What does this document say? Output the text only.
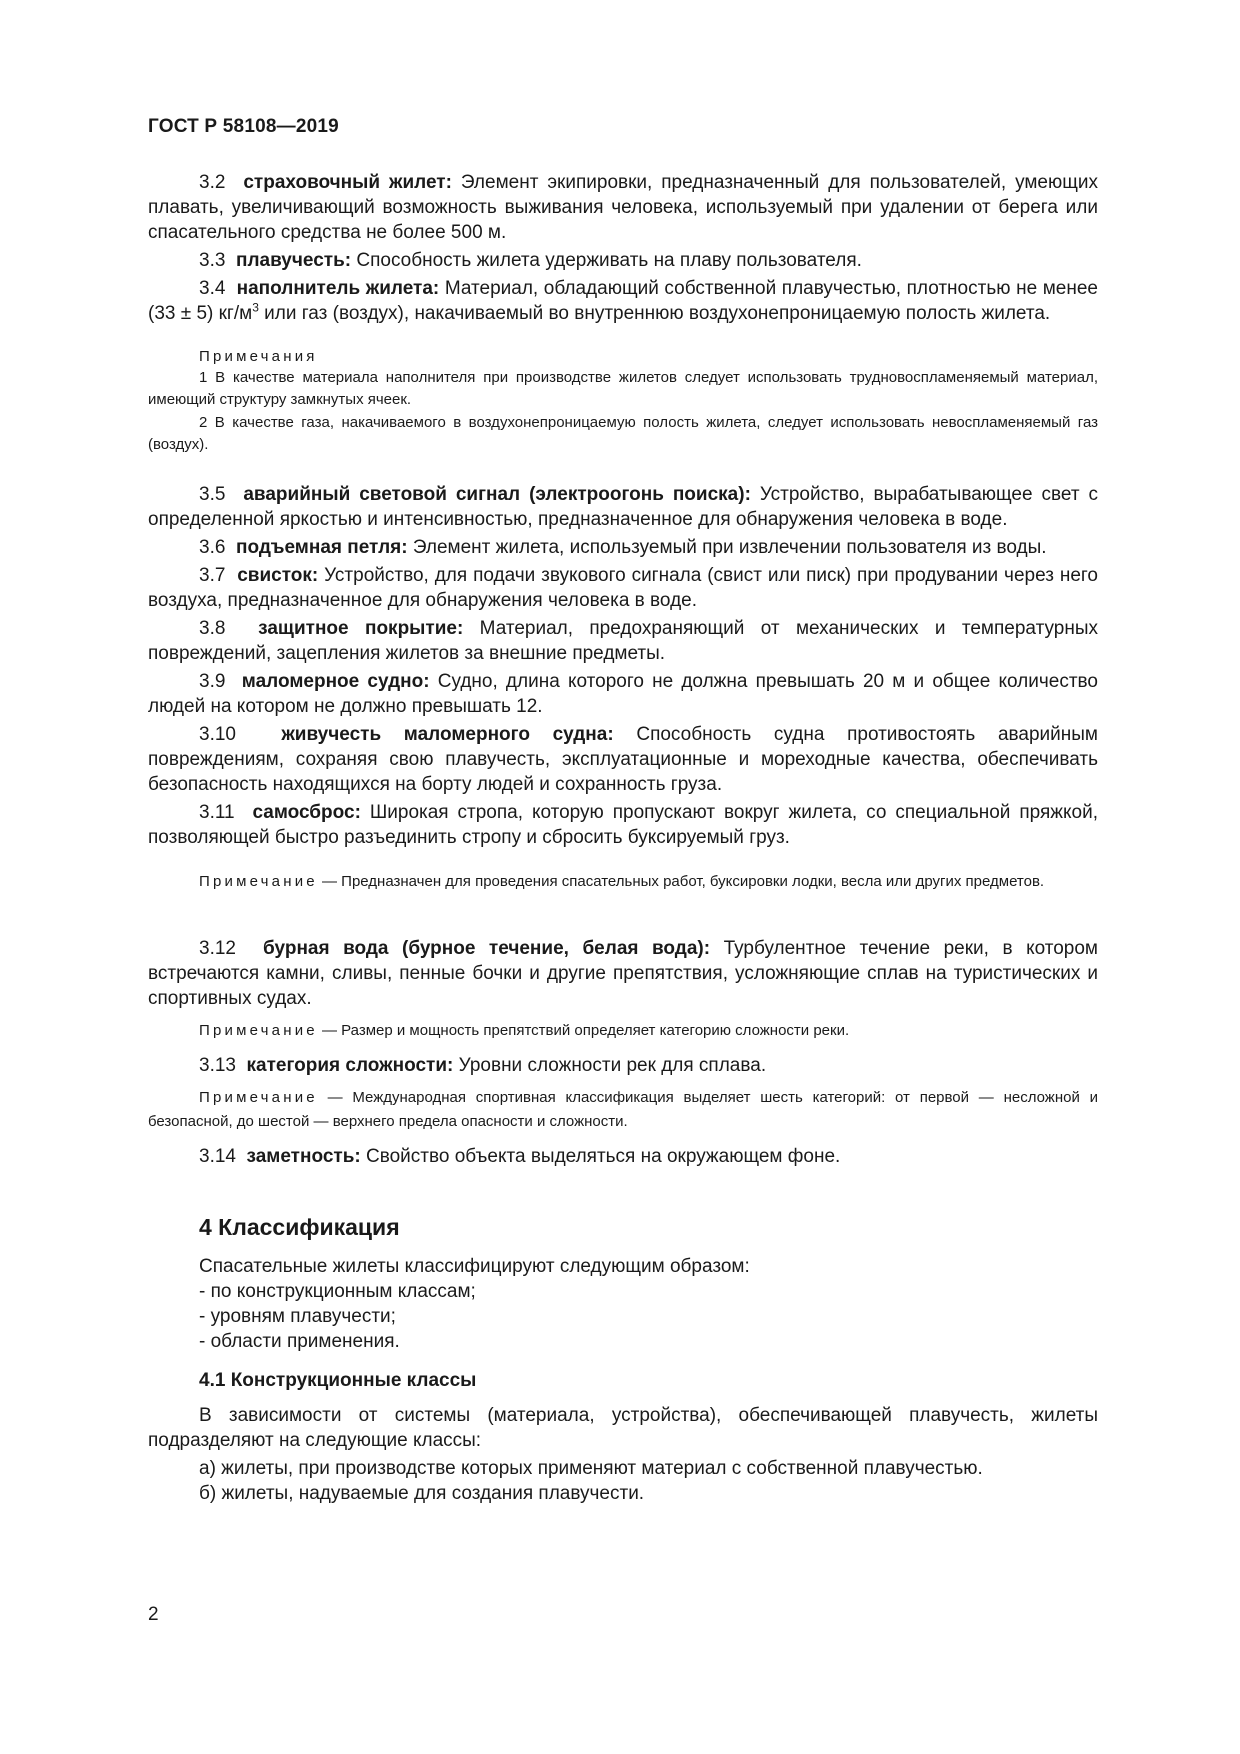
ГОСТ Р 58108—2019

3.2 страховочный жилет: Элемент экипировки, предназначенный для пользователей, умеющих плавать, увеличивающий возможность выживания человека, используемый при удалении от берега или спасательного средства не более 500 м.

3.3 плавучесть: Способность жилета удерживать на плаву пользователя.

3.4 наполнитель жилета: Материал, обладающий собственной плавучестью, плотностью не менее (33 ± 5) $кг/м^3$ или газ (воздух), накачиваемый во внутреннюю воздухонепроницаемую полость жилета.

Примечания

1 В качестве материала наполнителя при производстве жилетов следует использовать трудновоспламеняемый материал, имеющий структуру замкнутых ячеек.

2 В качестве газа, накачиваемого в воздухонепроницаемую полость жилета, следует использовать невоспламеняемый газ (воздух).

3.5 аварийный световой сигнал (электроогонь поиска): Устройство, вырабатывающее свет с определенной яркостью и интенсивностью, предназначенное для обнаружения человека в воде.

3.6 подъемная петля: Элемент жилета, используемый при извлечении пользователя из воды.

3.7 свисток: Устройство, для подачи звукового сигнала (свист или писк) при продувании через него воздуха, предназначенное для обнаружения человека в воде.

3.8 защитное покрытие: Материал, предохраняющий от механических и температурных повреждений, зацепления жилетов за внешние предметы.

3.9 маломерное судно: Судно, длина которого не должна превышать 20 м и общее количество людей на котором не должно превышать 12.

3.10 живучесть маломерного судна: Способность судна противостоять аварийным повреждениям, сохраняя свою плавучесть, эксплуатационные и мореходные качества, обеспечивать безопасность находящихся на борту людей и сохранность груза.

3.11 самосброс: Широкая стропа, которую пропускают вокруг жилета, со специальной пряжкой, позволяющей быстро разъединить стропу и сбросить буксируемый груз.

Примечание — Предназначен для проведения спасательных работ, буксировки лодки, весла или других предметов.

3.12 бурная вода (бурное течение, белая вода): Турбулентное течение реки, в котором встречаются камни, сливы, пенные бочки и другие препятствия, усложняющие сплав на туристических и спортивных судах.

Примечание — Размер и мощность препятствий определяет категорию сложности реки.

3.13 категория сложности: Уровни сложности рек для сплава.

Примечание — Международная спортивная классификация выделяет шесть категорий: от первой — несложной и безопасной, до шестой — верхнего предела опасности и сложности.

3.14 заметность: Свойство объекта выделяться на окружающем фоне.

4 Классификация

Спасательные жилеты классифицируют следующим образом:

- по конструкционным классам;

- уровням плавучести;

- области применения.

4.1 Конструкционные классы

В зависимости от системы (материала, устройства), обеспечивающей плавучесть, жилеты подразделяют на следующие классы:

а) жилеты, при производстве которых применяют материал с собственной плавучестью.

б) жилеты, надуваемые для создания плавучести.

2
